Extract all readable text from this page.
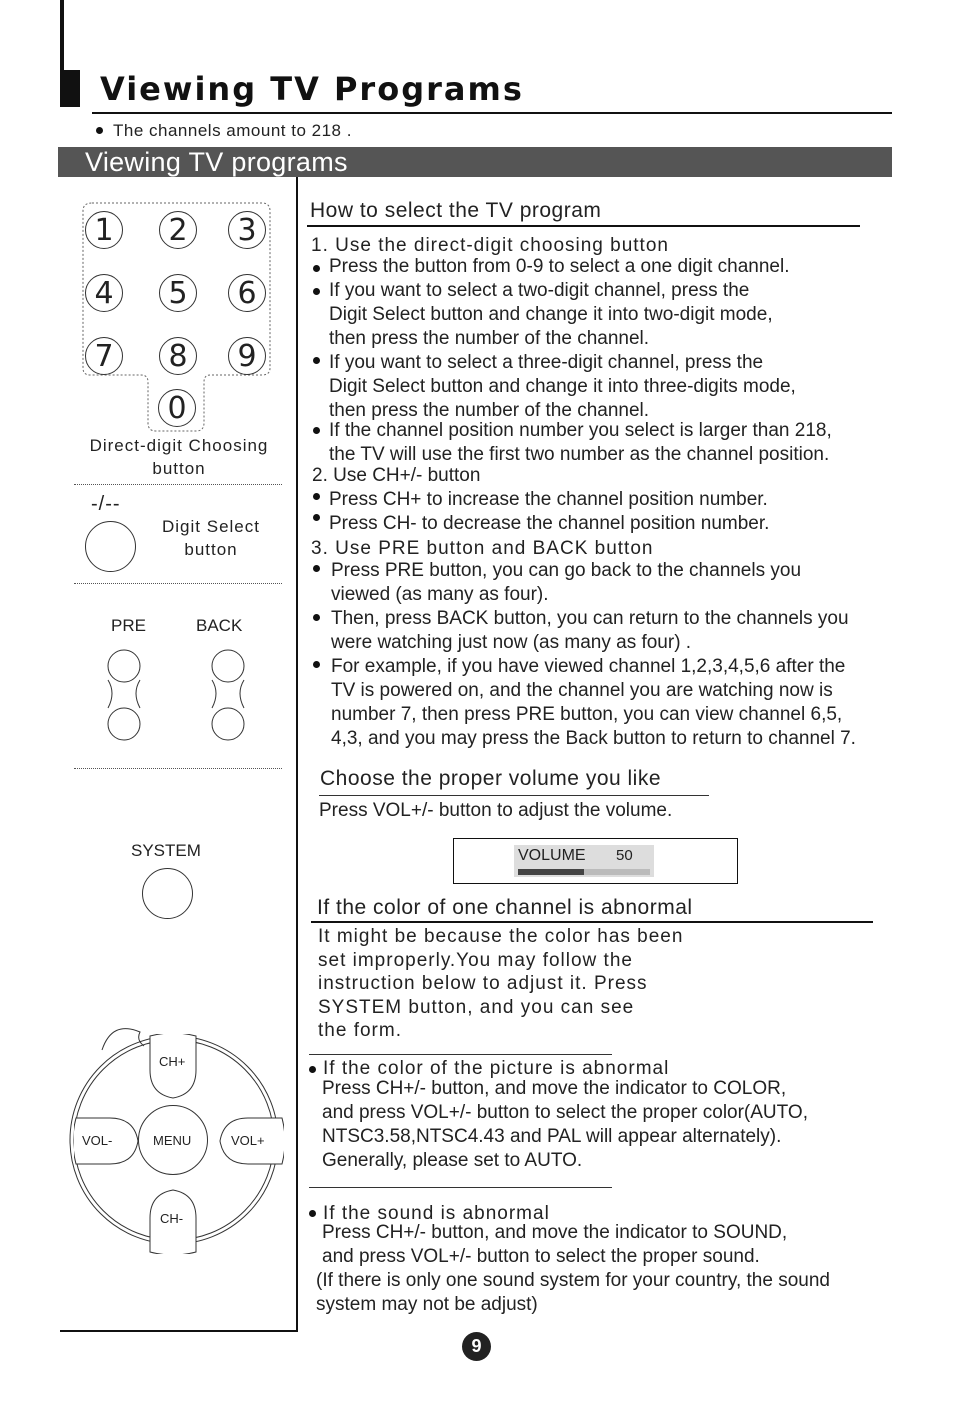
Viewing TV Programs
The channels amount to 218 .
Viewing TV programs
1	2	3
4	5	6
7	8	9
0
Direct-digit Choosing
button
-/--
Digit Select
button
PRE	BACK
SYSTEM
CH+
CH-
VOL-	VOL+
MENU
How to select the TV program
1. Use the direct-digit choosing button
Press the button from 0-9 to select a one digit channel.
If you want to select a two-digit channel, press the
Digit Select button and change it into two-digit mode,
then press the number of the channel.
If you want to select a three-digit channel, press the
Digit Select button and change it into three-digits mode,
then press the number of the channel.
If the channel position number you select is larger than 218,
the TV will use the first two number as the channel position.
2. Use CH+/- button
Press CH+ to increase the channel position number.
Press CH- to decrease the channel position number.
3. Use PRE button and BACK button
Press PRE button, you can go back to the channels you
viewed (as many as four).
Then, press BACK button, you can return to the channels you
were watching just now (as many as four) .
For example, if you have viewed channel 1,2,3,4,5,6 after the
TV is powered on, and the channel you are watching now is
number 7, then press PRE button, you can view channel 6,5,
4,3, and you may press the Back button to return to channel 7.
Choose the proper volume you like
Press VOL+/- button to adjust the volume.
VOLUME 50
If the color of one channel is abnormal
It might be because the color has been
set improperly.You may follow the
instruction below to adjust it. Press
SYSTEM button, and you can see
the form.
If the color of the picture is abnormal
Press CH+/- button, and move the indicator to COLOR,
and press VOL+/- button to select the proper color(AUTO,
NTSC3.58,NTSC4.43 and PAL will appear alternately).
Generally, please set to AUTO.
If the sound is abnormal
Press CH+/- button, and move the indicator to SOUND,
and press VOL+/- button to select the proper sound.
(If there is only one sound system for your country, the sound
system may not be adjust)
9
